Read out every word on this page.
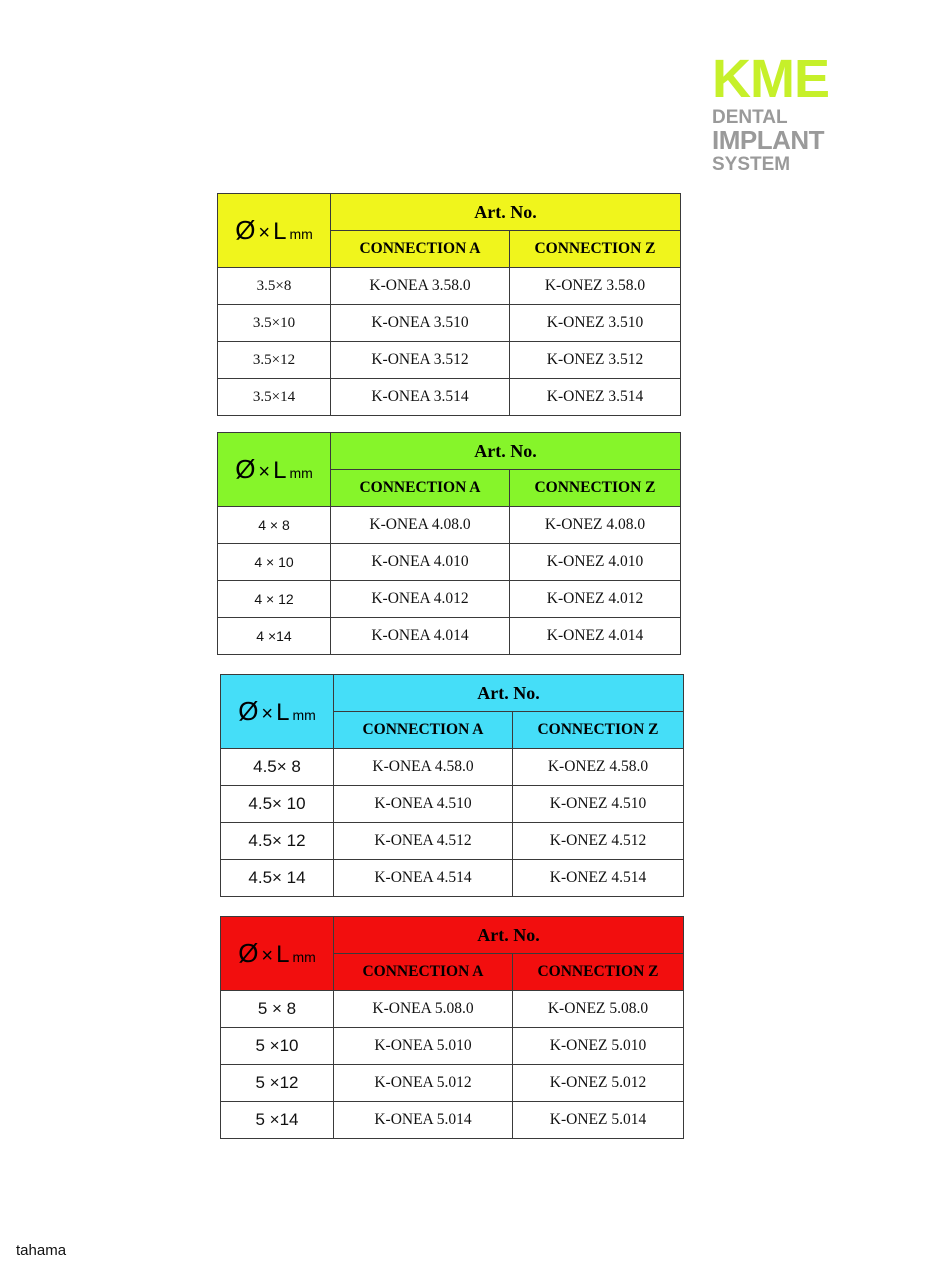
KME
DENTAL
IMPLANT
SYSTEM
Ø × L mm	Art. No.	
	CONNECTION A	CONNECTION Z
3.5×8	K-ONEA 3.58.0	K-ONEZ 3.58.0
3.5×10	K-ONEA 3.510	K-ONEZ 3.510
3.5×12	K-ONEA 3.512	K-ONEZ 3.512
3.5×14	K-ONEA 3.514	K-ONEZ 3.514
Ø × L mm	Art. No.	
	CONNECTION A	CONNECTION Z
4 × 8	K-ONEA 4.08.0	K-ONEZ 4.08.0
4 × 10	K-ONEA 4.010	K-ONEZ 4.010
4 × 12	K-ONEA 4.012	K-ONEZ 4.012
4 ×14	K-ONEA 4.014	K-ONEZ 4.014
Ø × L mm	Art. No.	
	CONNECTION A	CONNECTION Z
4.5× 8	K-ONEA 4.58.0	K-ONEZ 4.58.0
4.5× 10	K-ONEA 4.510	K-ONEZ 4.510
4.5× 12	K-ONEA 4.512	K-ONEZ 4.512
4.5× 14	K-ONEA 4.514	K-ONEZ 4.514
Ø × L mm	Art. No.	
	CONNECTION A	CONNECTION Z
5 × 8	K-ONEA 5.08.0	K-ONEZ 5.08.0
5 ×10	K-ONEA 5.010	K-ONEZ 5.010
5 ×12	K-ONEA 5.012	K-ONEZ 5.012
5 ×14	K-ONEA 5.014	K-ONEZ 5.014
tahama
